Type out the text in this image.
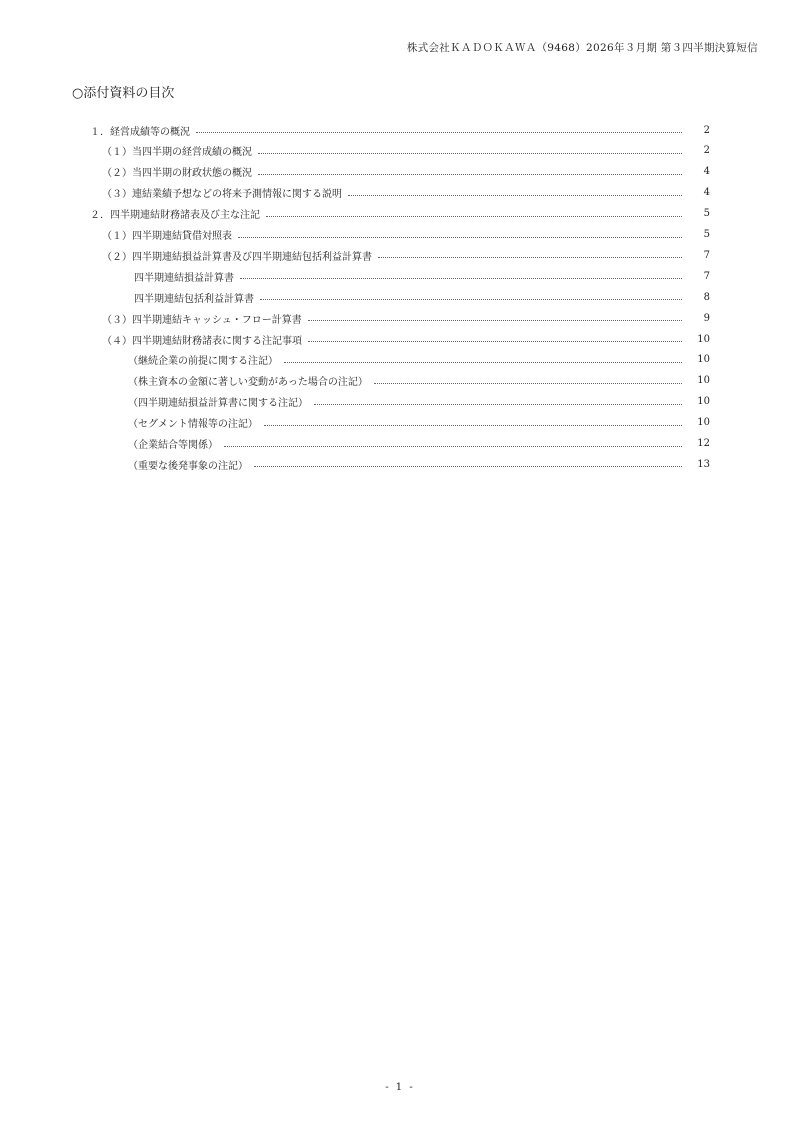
株式会社ＫＡＤＯＫＡＷＡ（9468）2026年３月期 第３四半期決算短信
○添付資料の目次
１．経営成績等の概況	2
（１）当四半期の経営成績の概況	2
（２）当四半期の財政状態の概況	4
（３）連結業績予想などの将来予測情報に関する説明	4
２．四半期連結財務諸表及び主な注記	5
（１）四半期連結貸借対照表	5
（２）四半期連結損益計算書及び四半期連結包括利益計算書	7
四半期連結損益計算書	7
四半期連結包括利益計算書	8
（３）四半期連結キャッシュ・フロー計算書	9
（４）四半期連結財務諸表に関する注記事項	10
（継続企業の前提に関する注記）	10
（株主資本の金額に著しい変動があった場合の注記）	10
（四半期連結損益計算書に関する注記）	10
（セグメント情報等の注記）	10
（企業結合等関係）	12
（重要な後発事象の注記）	13
- 1 -
